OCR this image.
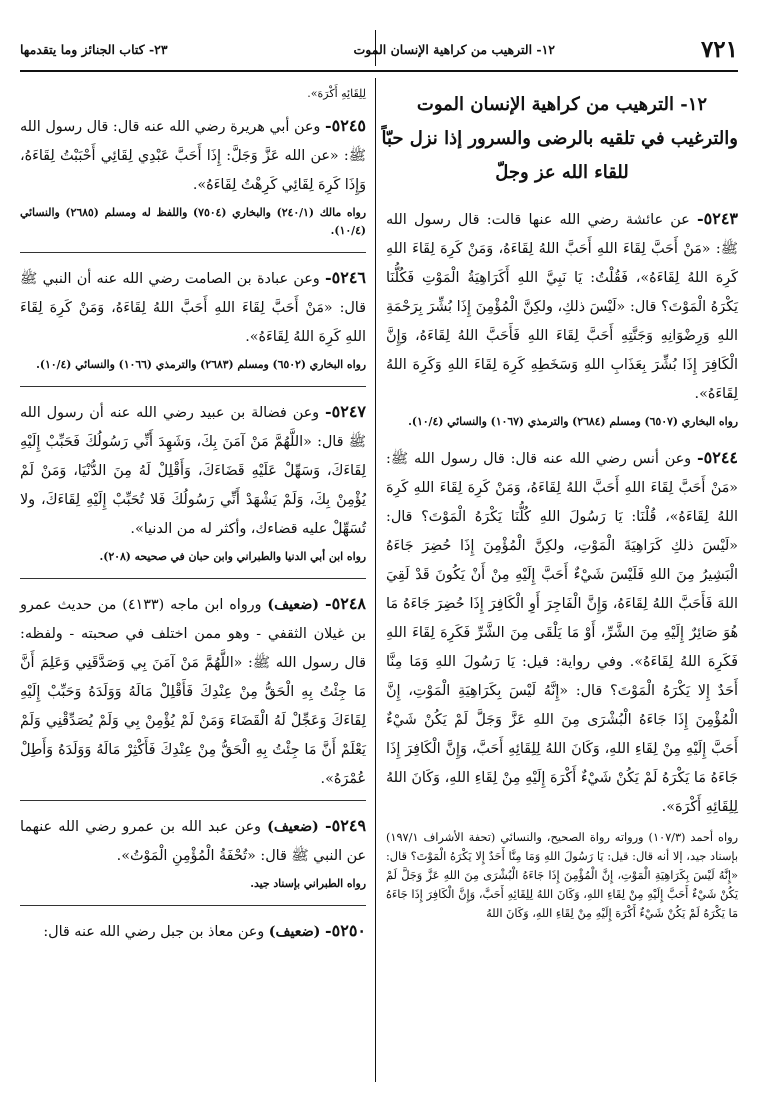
٧٢١
١٢- الترهيب من كراهية الإنسان الموت
٢٣- كتاب الجنائز وما يتقدمها
١٢- الترهيب من كراهية الإنسان الموت
والترغيب في تلقيه بالرضى والسرور إذا نزل حبّاً
للقاء الله عز وجلّ

٥٢٤٣- عن عائشة رضي الله عنها قالت: قال رسول الله ﷺ: «مَنْ أَحَبَّ لِقَاءَ اللهِ أَحَبَّ اللهُ لِقَاءَهُ، وَمَنْ كَرِهَ لِقَاءَ اللهِ كَرِهَ اللهُ لِقَاءَهُ»، فَقُلْتُ: يَا نَبِيَّ اللهِ أَكَرَاهِيَةُ الْمَوْتِ فَكُلُّنَا يَكْرَهُ الْمَوْتَ؟ قال: «لَيْسَ ذلكِ، ولكِنَّ الْمُؤْمِنَ إِذَا بُشِّرَ بِرَحْمَةِ اللهِ وَرِضْوَانِهِ وَجَنَّتِهِ أَحَبَّ لِقَاءَ اللهِ فَأَحَبَّ اللهُ لِقَاءَهُ، وَإِنَّ الْكَافِرَ إِذَا بُشِّرَ بِعَذَابِ اللهِ وَسَخَطِهِ كَرِهَ لِقَاءَ اللهِ وَكَرِهَ اللهُ لِقَاءَهُ».

رواه البخاري (٦٥٠٧) ومسلم (٢٦٨٤) والترمذي (١٠٦٧) والنسائي (١٠/٤).

٥٢٤٤- وعن أنس رضي الله عنه قال: قال رسول الله ﷺ: «مَنْ أَحَبَّ لِقَاءَ اللهِ أَحَبَّ اللهُ لِقَاءَهُ، وَمَنْ كَرِهَ لِقَاءَ اللهِ كَرِهَ اللهُ لِقَاءَهُ»، قُلْنَا: يَا رَسُولَ اللهِ كُلُّنَا يَكْرَهُ الْمَوْتَ؟ قال: «لَيْسَ ذلكِ كَرَاهِيَةَ الْمَوْتِ، ولكِنَّ الْمُؤْمِنَ إِذَا حُضِرَ جَاءَهُ الْبَشِيرُ مِنَ اللهِ فَلَيْسَ شَيْءٌ أَحَبَّ إِلَيْهِ مِنْ أَنْ يَكُونَ قَدْ لَقِيَ اللهَ فَأَحَبَّ اللهُ لِقَاءَهُ، وَإِنَّ الْفَاجِرَ أَوِ الْكَافِرَ إِذَا حُضِرَ جَاءَهُ مَا هُوَ صَائِرٌ إِلَيْهِ مِنَ الشَّرِّ، أَوْ مَا يَلْقَى مِنَ الشَّرِّ فَكَرِهَ لِقَاءَ اللهِ فَكَرِهَ اللهُ لِقَاءَهُ». وفي رواية: قيل: يَا رَسُولَ اللهِ وَمَا مِنَّا أَحَدٌ إِلا يَكْرَهُ الْمَوْتَ؟ قال: «إِنَّهُ لَيْسَ بِكَرَاهِيَةِ الْمَوْتِ، إِنَّ الْمُؤْمِنَ إِذَا جَاءَهُ الْبُشْرَى مِنَ اللهِ عَزَّ وَجَلَّ لَمْ يَكُنْ شَيْءٌ أَحَبَّ إِلَيْهِ مِنْ لِقَاءِ اللهِ، وَكَانَ اللهُ لِلِقَائِهِ أَحَبَّ، وَإِنَّ الْكَافِرَ إِذَا جَاءَهُ مَا يَكْرَهُ لَمْ يَكُنْ شَيْءٌ أَكْرَهَ إِلَيْهِ مِنْ لِقَاءِ اللهِ، وَكَانَ اللهُ لِلِقَائِهِ أَكْرَهَ».

رواه أحمد (١٠٧/٣) ورواته رواة الصحيح، والنسائي (تحفة الأشراف ١٩٧/١) بإسناد جيد، إلا أنه قال: قيل: يَا رَسُولَ اللهِ وَمَا مِنَّا أَحَدٌ إِلا يَكْرَهُ الْمَوْتَ؟ قال: «إِنَّهُ لَيْسَ بِكَرَاهِيَةِ الْمَوْتِ، إِنَّ الْمُؤْمِنَ إِذَا جَاءَهُ الْبُشْرَى مِنَ اللهِ عَزَّ وَجَلَّ لَمْ يَكُنْ شَيْءٌ أَحَبَّ إِلَيْهِ مِنْ لِقَاءِ اللهِ، وَكَانَ اللهُ لِلِقَائِهِ أَحَبَّ، وَإِنَّ الْكَافِرَ إِذَا جَاءَهُ مَا يَكْرَهُ لَمْ يَكُنْ شَيْءٌ أَكْرَهَ إِلَيْهِ مِنْ لِقَاءِ اللهِ، وَكَانَ اللهُ

لِلِقَائِهِ أَكْرَهَ».

٥٢٤٥- وعن أبي هريرة رضي الله عنه قال: قال رسول الله ﷺ: «عن الله عَزَّ وَجَلَّ: إِذَا أَحَبَّ عَبْدِي لِقَائِي أَحْبَبْتُ لِقَاءَهُ، وَإِذَا كَرِهَ لِقَائِي كَرِهْتُ لِقَاءَهُ».

رواه مالك (٢٤٠/١) والبخاري (٧٥٠٤) واللفظ له ومسلم (٢٦٨٥) والنسائي (١٠/٤).

٥٢٤٦- وعن عبادة بن الصامت رضي الله عنه أن النبي ﷺ قال: «مَنْ أَحَبَّ لِقَاءَ اللهِ أَحَبَّ اللهُ لِقَاءَهُ، وَمَنْ كَرِهَ لِقَاءَ اللهِ كَرِهَ اللهُ لِقَاءَهُ».

رواه البخاري (٦٥٠٢) ومسلم (٢٦٨٣) والترمذي (١٠٦٦) والنسائي (١٠/٤).

٥٢٤٧- وعن فضالة بن عبيد رضي الله عنه أن رسول الله ﷺ قال: «اللَّهُمَّ مَنْ آمَنَ بِكَ، وَشَهِدَ أَنِّي رَسُولُكَ فَحَبِّبْ إِلَيْهِ لِقَاءَكَ، وَسَهِّلْ عَلَيْهِ قَضَاءَكَ، وَأَقْلِلْ لَهُ مِنَ الدُّنْيَا، وَمَنْ لَمْ يُؤْمِنْ بِكَ، وَلَمْ يَشْهَدْ أَنِّي رَسُولُكَ فَلا تُحَبِّبْ إِلَيْهِ لِقَاءَكَ، ولا تُسَهِّلْ عليه قضاءك، وأكثر له من الدنيا».

رواه ابن أبي الدنيا والطبراني وابن حبان في صحيحه (٢٠٨).

٥٢٤٨- (ضعيف) ورواه ابن ماجه (٤١٣٣) من حديث عمرو بن غيلان الثقفي - وهو ممن اختلف في صحبته - ولفظه: قال رسول الله ﷺ: «اللَّهُمَّ مَنْ آمَنَ بِي وَصَدَّقَنِي وَعَلِمَ أَنَّ مَا جِئْتُ بِهِ الْحَقُّ مِنْ عِنْدِكَ فَأَقْلِلْ مَالَهُ وَوَلَدَهُ وَحَبِّبْ إِلَيْهِ لِقَاءَكَ وَعَجِّلْ لَهُ الْقَضَاءَ وَمَنْ لَمْ يُؤْمِنْ بِي وَلَمْ يُصَدِّقْنِي وَلَمْ يَعْلَمْ أَنَّ مَا جِئْتُ بِهِ الْحَقُّ مِنْ عِنْدِكَ فَأَكْثِرْ مَالَهُ وَوَلَدَهُ وَأَطِلْ عُمْرَهُ».

٥٢٤٩- (ضعيف) وعن عبد الله بن عمرو رضي الله عنهما عن النبي ﷺ قال: «تُحْفَةُ الْمُؤْمِنِ الْمَوْتُ».

رواه الطبراني بإسناد جيد.

٥٢٥٠- (ضعيف) وعن معاذ بن جبل رضي الله عنه قال:
